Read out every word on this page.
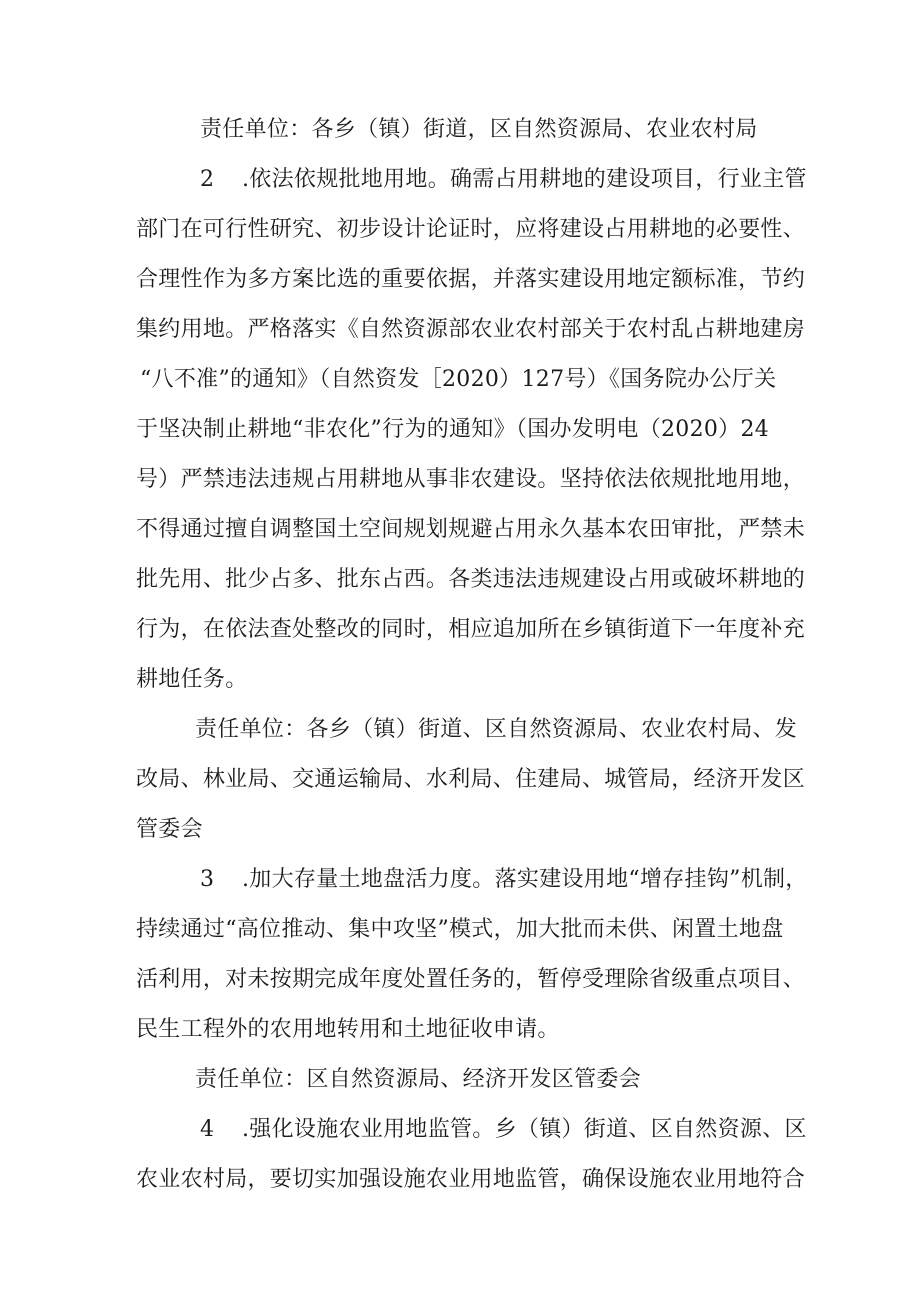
责任单位：各乡（镇）街道，区自然资源局、农业农村局
2 .依法依规批地用地。确需占用耕地的建设项目，行业主管
部门在可行性研究、初步设计论证时，应将建设占用耕地的必要性、
合理性作为多方案比选的重要依据，并落实建设用地定额标准，节约
集约用地。严格落实《自然资源部农业农村部关于农村乱占耕地建房
“八不准”的通知》（自然资发［2020）127号）《国务院办公厅关
于坚决制止耕地“非农化”行为的通知》（国办发明电（2020）24
号）严禁违法违规占用耕地从事非农建设。坚持依法依规批地用地，
不得通过擅自调整国土空间规划规避占用永久基本农田审批，严禁未
批先用、批少占多、批东占西。各类违法违规建设占用或破坏耕地的
行为，在依法查处整改的同时，相应追加所在乡镇街道下一年度补充
耕地任务。
责任单位：各乡（镇）街道、区自然资源局、农业农村局、发
改局、林业局、交通运输局、水利局、住建局、城管局，经济开发区
管委会
3 .加大存量土地盘活力度。落实建设用地“增存挂钩”机制，
持续通过“高位推动、集中攻坚”模式，加大批而未供、闲置土地盘
活利用，对未按期完成年度处置任务的，暂停受理除省级重点项目、
民生工程外的农用地转用和土地征收申请。
责任单位：区自然资源局、经济开发区管委会
4 .强化设施农业用地监管。乡（镇）街道、区自然资源、区
农业农村局，要切实加强设施农业用地监管，确保设施农业用地符合
